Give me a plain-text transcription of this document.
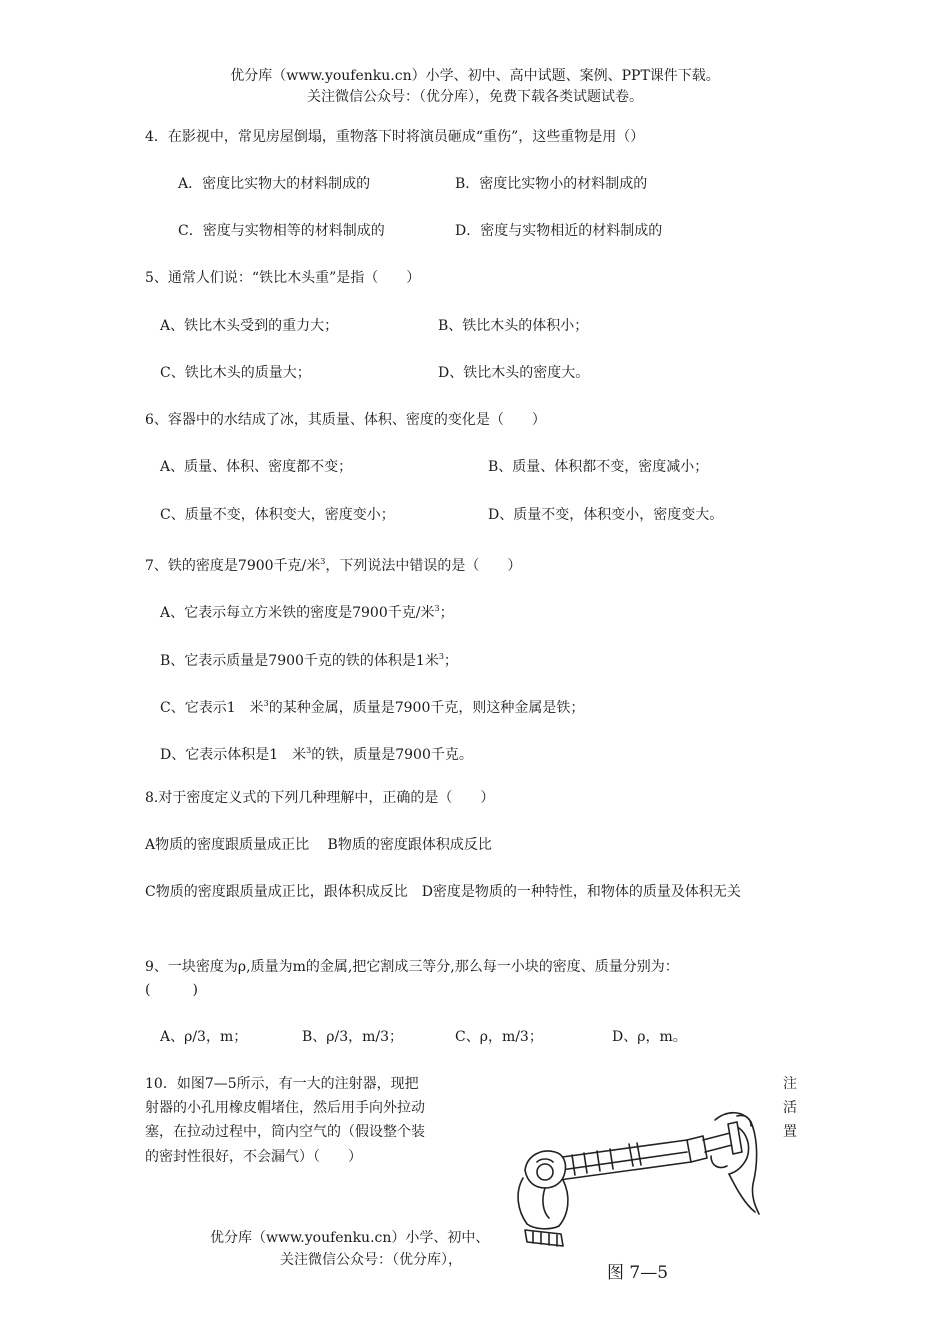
优分库（www.youfenku.cn）小学、初中、高中试题、案例、PPT课件下载。
关注微信公众号：（优分库），免费下载各类试题试卷。
4．在影视中，常见房屋倒塌，重物落下时将演员砸成“重伤”，这些重物是用（）
A．密度比实物大的材料制成的	B．密度比实物小的材料制成的
C．密度与实物相等的材料制成的	D．密度与实物相近的材料制成的
5、通常人们说：“铁比木头重”是指（　　）
A、铁比木头受到的重力大；	B、铁比木头的体积小；
C、铁比木头的质量大；	D、铁比木头的密度大。
6、容器中的水结成了冰，其质量、体积、密度的变化是（　　）
A、质量、体积、密度都不变；	B、质量、体积都不变，密度减小；
C、质量不变，体积变大，密度变小；	D、质量不变，体积变小，密度变大。
7、铁的密度是7900千克/米$^3$，下列说法中错误的是（　　）
A、它表示每立方米铁的密度是7900千克/米$^3$；
B、它表示质量是7900千克的铁的体积是1米$^3$；
C、它表示1　米$^3$的某种金属，质量是7900千克，则这种金属是铁；
D、它表示体积是1　米$^3$的铁，质量是7900千克。
8.对于密度定义式的下列几种理解中，正确的是（　　）
A物质的密度跟质量成正比　 B物质的密度跟体积成反比
C物质的密度跟质量成正比，跟体积成反比　D密度是物质的一种特性，和物体的质量及体积无关
9、一块密度为ρ,质量为m的金属,把它割成三等分,那么每一小块的密度、质量分别为：
(　　　)
A、ρ/3，m；	B、ρ/3，m/3；	C、ρ，m/3；	D、ρ，m。
10．如图7—5所示，有一大的注射器，现把
射器的小孔用橡皮帽堵住，然后用手向外拉动
塞，在拉动过程中，筒内空气的（假设整个装
的密封性很好，不会漏气）（　　）
注
活
置
优分库（www.youfenku.cn）小学、初中、
关注微信公众号：（优分库），
图 7—5
